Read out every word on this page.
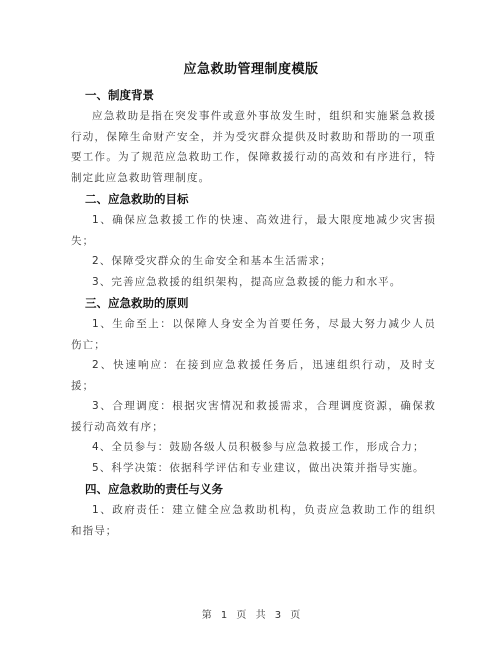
应急救助管理制度模版
一、制度背景

应急救助是指在突发事件或意外事故发生时，组织和实施紧急救援行动，保障生命财产安全，并为受灾群众提供及时救助和帮助的一项重要工作。为了规范应急救助工作，保障救援行动的高效和有序进行，特制定此应急救助管理制度。

二、应急救助的目标

1、确保应急救援工作的快速、高效进行，最大限度地减少灾害损失；

2、保障受灾群众的生命安全和基本生活需求；

3、完善应急救援的组织架构，提高应急救援的能力和水平。

三、应急救助的原则

1、生命至上：以保障人身安全为首要任务，尽最大努力减少人员伤亡；

2、快速响应：在接到应急救援任务后，迅速组织行动，及时支援；

3、合理调度：根据灾害情况和救援需求，合理调度资源，确保救援行动高效有序；

4、全员参与：鼓励各级人员积极参与应急救援工作，形成合力；

5、科学决策：依据科学评估和专业建议，做出决策并指导实施。

四、应急救助的责任与义务

1、政府责任：建立健全应急救助机构，负责应急救助工作的组织和指导；

第 1 页 共 3 页
